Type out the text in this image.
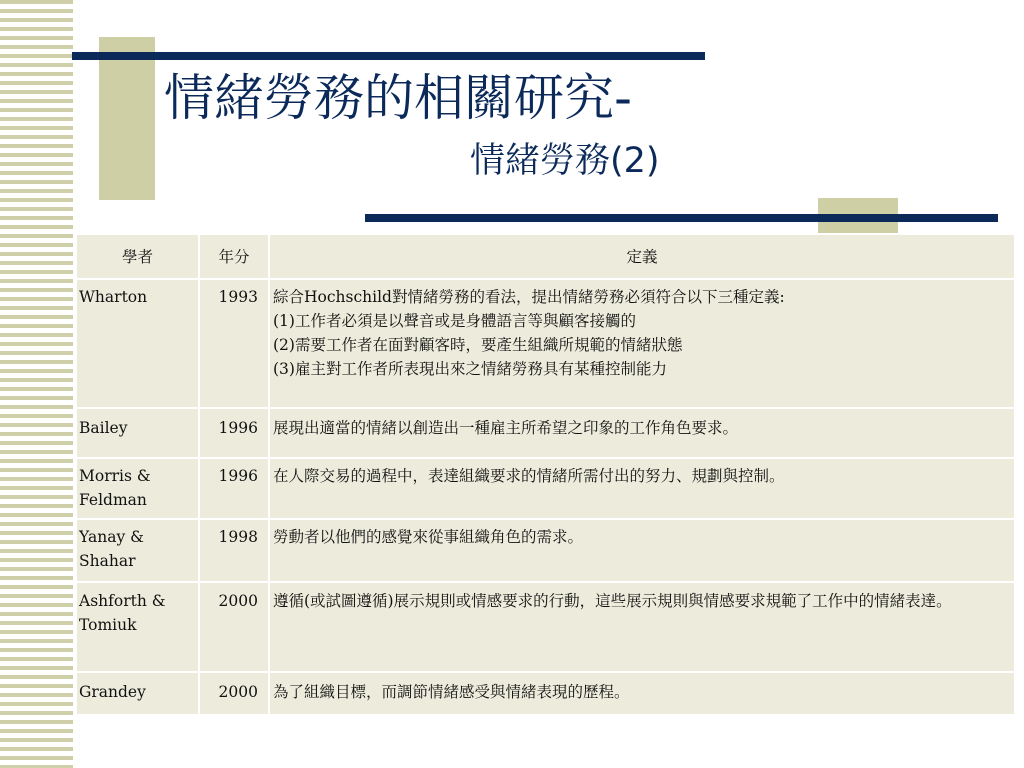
情緒勞務的相關研究-
情緒勞務(2)
學者	年分	定義
Wharton	1993	綜合Hochschild對情緒勞務的看法，提出情緒勞務必須符合以下三種定義:
(1)工作者必須是以聲音或是身體語言等與顧客接觸的
(2)需要工作者在面對顧客時，要產生組織所規範的情緒狀態
(3)雇主對工作者所表現出來之情緒勞務具有某種控制能力

Bailey	1996	展現出適當的情緒以創造出一種雇主所希望之印象的工作角色要求。

Morris & Feldman	1996	在人際交易的過程中，表達組織要求的情緒所需付出的努力、規劃與控制。

Yanay & Shahar	1998	勞動者以他們的感覺來從事組織角色的需求。

Ashforth & Tomiuk	2000	遵循(或試圖遵循)展示規則或情感要求的行動，這些展示規則與情感要求規範了工作中的情緒表達。

Grandey	2000	為了組織目標，而調節情緒感受與情緒表現的歷程。
